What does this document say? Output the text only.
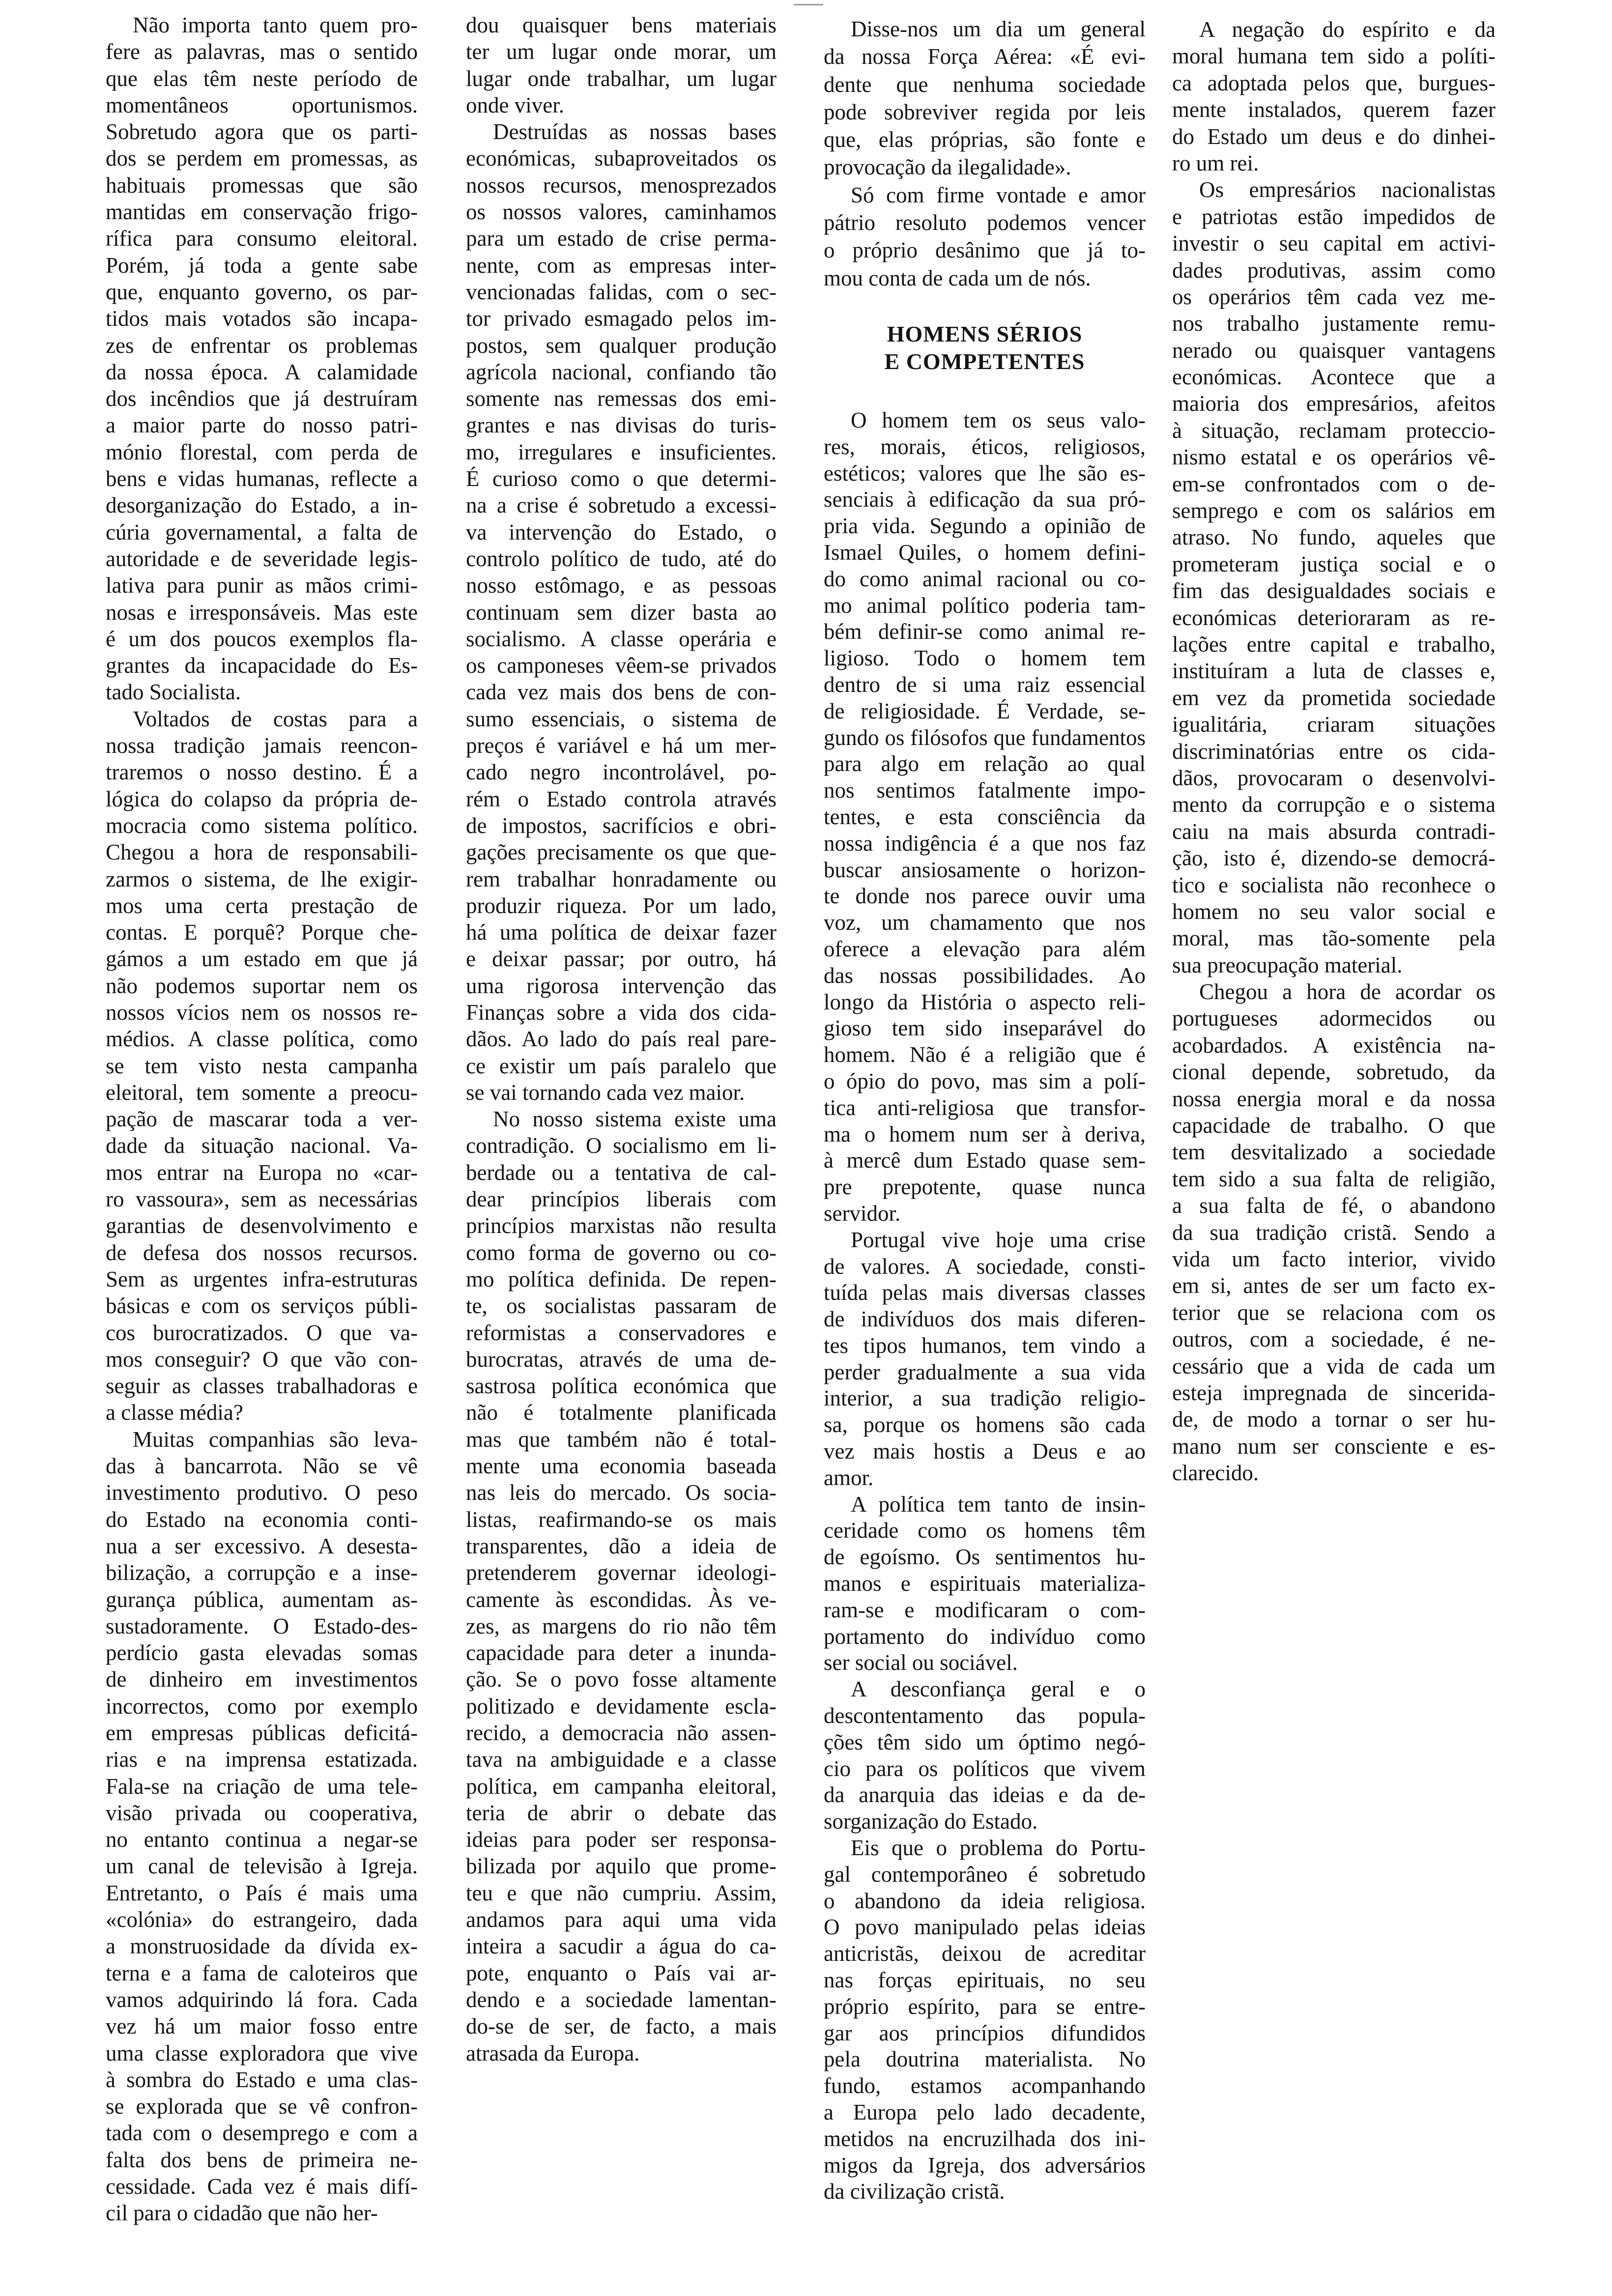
Não importa tanto quem pro-
fere as palavras, mas o sentido
que elas têm neste período de
momentâneos oportunismos.
Sobretudo agora que os parti-
dos se perdem em promessas, as
habituais promessas que são
mantidas em conservação frigo-
rífica para consumo eleitoral.
Porém, já toda a gente sabe
que, enquanto governo, os par-
tidos mais votados são incapa-
zes de enfrentar os problemas
da nossa época. A calamidade
dos incêndios que já destruíram
a maior parte do nosso patri-
mónio florestal, com perda de
bens e vidas humanas, reflecte a
desorganização do Estado, a in-
cúria governamental, a falta de
autoridade e de severidade legis-
lativa para punir as mãos crimi-
nosas e irresponsáveis. Mas este
é um dos poucos exemplos fla-
grantes da incapacidade do Es-
tado Socialista.
Voltados de costas para a
nossa tradição jamais reencon-
traremos o nosso destino. É a
lógica do colapso da própria de-
mocracia como sistema político.
Chegou a hora de responsabili-
zarmos o sistema, de lhe exigir-
mos uma certa prestação de
contas. E porquê? Porque che-
gámos a um estado em que já
não podemos suportar nem os
nossos vícios nem os nossos re-
médios. A classe política, como
se tem visto nesta campanha
eleitoral, tem somente a preocu-
pação de mascarar toda a ver-
dade da situação nacional. Va-
mos entrar na Europa no «car-
ro vassoura», sem as necessárias
garantias de desenvolvimento e
de defesa dos nossos recursos.
Sem as urgentes infra-estruturas
básicas e com os serviços públi-
cos burocratizados. O que va-
mos conseguir? O que vão con-
seguir as classes trabalhadoras e
a classe média?
Muitas companhias são leva-
das à bancarrota. Não se vê
investimento produtivo. O peso
do Estado na economia conti-
nua a ser excessivo. A desesta-
bilização, a corrupção e a inse-
gurança pública, aumentam as-
sustadoramente. O Estado-des-
perdício gasta elevadas somas
de dinheiro em investimentos
incorrectos, como por exemplo
em empresas públicas deficitá-
rias e na imprensa estatizada.
Fala-se na criação de uma tele-
visão privada ou cooperativa,
no entanto continua a negar-se
um canal de televisão à Igreja.
Entretanto, o País é mais uma
«colónia» do estrangeiro, dada
a monstruosidade da dívida ex-
terna e a fama de caloteiros que
vamos adquirindo lá fora. Cada
vez há um maior fosso entre
uma classe exploradora que vive
à sombra do Estado e uma clas-
se explorada que se vê confron-
tada com o desemprego e com a
falta dos bens de primeira ne-
cessidade. Cada vez é mais difí-
cil para o cidadão que não her-
dou quaisquer bens materiais
ter um lugar onde morar, um
lugar onde trabalhar, um lugar
onde viver.
Destruídas as nossas bases
económicas, subaproveitados os
nossos recursos, menosprezados
os nossos valores, caminhamos
para um estado de crise perma-
nente, com as empresas inter-
vencionadas falidas, com o sec-
tor privado esmagado pelos im-
postos, sem qualquer produção
agrícola nacional, confiando tão
somente nas remessas dos emi-
grantes e nas divisas do turis-
mo, irregulares e insuficientes.
É curioso como o que determi-
na a crise é sobretudo a excessi-
va intervenção do Estado, o
controlo político de tudo, até do
nosso estômago, e as pessoas
continuam sem dizer basta ao
socialismo. A classe operária e
os camponeses vêem-se privados
cada vez mais dos bens de con-
sumo essenciais, o sistema de
preços é variável e há um mer-
cado negro incontrolável, po-
rém o Estado controla através
de impostos, sacrifícios e obri-
gações precisamente os que que-
rem trabalhar honradamente ou
produzir riqueza. Por um lado,
há uma política de deixar fazer
e deixar passar; por outro, há
uma rigorosa intervenção das
Finanças sobre a vida dos cida-
dãos. Ao lado do país real pare-
ce existir um país paralelo que
se vai tornando cada vez maior.
No nosso sistema existe uma
contradição. O socialismo em li-
berdade ou a tentativa de cal-
dear princípios liberais com
princípios marxistas não resulta
como forma de governo ou co-
mo política definida. De repen-
te, os socialistas passaram de
reformistas a conservadores e
burocratas, através de uma de-
sastrosa política económica que
não é totalmente planificada
mas que também não é total-
mente uma economia baseada
nas leis do mercado. Os socia-
listas, reafirmando-se os mais
transparentes, dão a ideia de
pretenderem governar ideologi-
camente às escondidas. Às ve-
zes, as margens do rio não têm
capacidade para deter a inunda-
ção. Se o povo fosse altamente
politizado e devidamente escla-
recido, a democracia não assen-
tava na ambiguidade e a classe
política, em campanha eleitoral,
teria de abrir o debate das
ideias para poder ser responsa-
bilizada por aquilo que prome-
teu e que não cumpriu. Assim,
andamos para aqui uma vida
inteira a sacudir a água do ca-
pote, enquanto o País vai ar-
dendo e a sociedade lamentan-
do-se de ser, de facto, a mais
atrasada da Europa.
Disse-nos um dia um general
da nossa Força Aérea: «É evi-
dente que nenhuma sociedade
pode sobreviver regida por leis
que, elas próprias, são fonte e
provocação da ilegalidade».
Só com firme vontade e amor
pátrio resoluto podemos vencer
o próprio desânimo que já to-
mou conta de cada um de nós.
HOMENS SÉRIOS
E COMPETENTES
O homem tem os seus valo-
res, morais, éticos, religiosos,
estéticos; valores que lhe são es-
senciais à edificação da sua pró-
pria vida. Segundo a opinião de
Ismael Quiles, o homem defini-
do como animal racional ou co-
mo animal político poderia tam-
bém definir-se como animal re-
ligioso. Todo o homem tem
dentro de si uma raiz essencial
de religiosidade. É Verdade, se-
gundo os filósofos que fundamentos
para algo em relação ao qual
nos sentimos fatalmente impo-
tentes, e esta consciência da
nossa indigência é a que nos faz
buscar ansiosamente o horizon-
te donde nos parece ouvir uma
voz, um chamamento que nos
oferece a elevação para além
das nossas possibilidades. Ao
longo da História o aspecto reli-
gioso tem sido inseparável do
homem. Não é a religião que é
o ópio do povo, mas sim a polí-
tica anti-religiosa que transfor-
ma o homem num ser à deriva,
à mercê dum Estado quase sem-
pre prepotente, quase nunca
servidor.
Portugal vive hoje uma crise
de valores. A sociedade, consti-
tuída pelas mais diversas classes
de indivíduos dos mais diferen-
tes tipos humanos, tem vindo a
perder gradualmente a sua vida
interior, a sua tradição religio-
sa, porque os homens são cada
vez mais hostis a Deus e ao
amor.
A política tem tanto de insin-
ceridade como os homens têm
de egoísmo. Os sentimentos hu-
manos e espirituais materializa-
ram-se e modificaram o com-
portamento do indivíduo como
ser social ou sociável.
A desconfiança geral e o
descontentamento das popula-
ções têm sido um óptimo negó-
cio para os políticos que vivem
da anarquia das ideias e da de-
sorganização do Estado.
Eis que o problema do Portu-
gal contemporâneo é sobretudo
o abandono da ideia religiosa.
O povo manipulado pelas ideias
anticristãs, deixou de acreditar
nas forças epirituais, no seu
próprio espírito, para se entre-
gar aos princípios difundidos
pela doutrina materialista. No
fundo, estamos acompanhando
a Europa pelo lado decadente,
metidos na encruzilhada dos ini-
migos da Igreja, dos adversários
da civilização cristã.
A negação do espírito e da
moral humana tem sido a políti-
ca adoptada pelos que, burgues-
mente instalados, querem fazer
do Estado um deus e do dinhei-
ro um rei.
Os empresários nacionalistas
e patriotas estão impedidos de
investir o seu capital em activi-
dades produtivas, assim como
os operários têm cada vez me-
nos trabalho justamente remu-
nerado ou quaisquer vantagens
económicas. Acontece que a
maioria dos empresários, afeitos
à situação, reclamam proteccio-
nismo estatal e os operários vê-
em-se confrontados com o de-
semprego e com os salários em
atraso. No fundo, aqueles que
prometeram justiça social e o
fim das desigualdades sociais e
económicas deterioraram as re-
lações entre capital e trabalho,
instituíram a luta de classes e,
em vez da prometida sociedade
igualitária, criaram situações
discriminatórias entre os cida-
dãos, provocaram o desenvolvi-
mento da corrupção e o sistema
caiu na mais absurda contradi-
ção, isto é, dizendo-se democrá-
tico e socialista não reconhece o
homem no seu valor social e
moral, mas tão-somente pela
sua preocupação material.
Chegou a hora de acordar os
portugueses adormecidos ou
acobardados. A existência na-
cional depende, sobretudo, da
nossa energia moral e da nossa
capacidade de trabalho. O que
tem desvitalizado a sociedade
tem sido a sua falta de religião,
a sua falta de fé, o abandono
da sua tradição cristã. Sendo a
vida um facto interior, vivido
em si, antes de ser um facto ex-
terior que se relaciona com os
outros, com a sociedade, é ne-
cessário que a vida de cada um
esteja impregnada de sincerida-
de, de modo a tornar o ser hu-
mano num ser consciente e es-
clarecido.
